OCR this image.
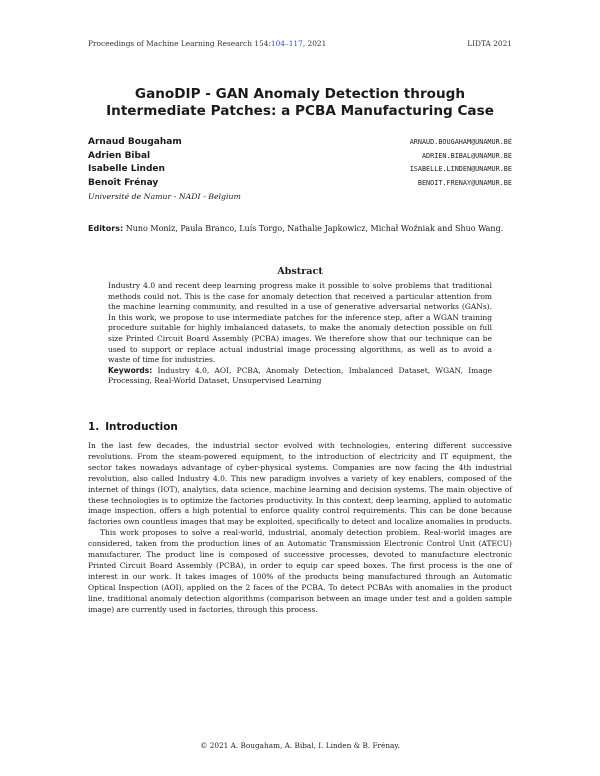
Proceedings of Machine Learning Research 154:104–117, 2021	LIDTA 2021
GanoDIP - GAN Anomaly Detection through
Intermediate Patches: a PCBA Manufacturing Case
Arnaud Bougaham	ARNAUD.BOUGAHAM@UNAMUR.BE
Adrien Bibal	ADRIEN.BIBAL@UNAMUR.BE
Isabelle Linden	ISABELLE.LINDEN@UNAMUR.BE
Benoît Frénay	BENOIT.FRENAY@UNAMUR.BE
Université de Namur - NADI - Belgium
Editors: Nuno Moniz, Paula Branco, Luís Torgo, Nathalie Japkowicz, Michał Woźniak and Shuo Wang.
Abstract

Industry 4.0 and recent deep learning progress make it possible to solve problems that traditional methods could not. This is the case for anomaly detection that received a particular attention from the machine learning community, and resulted in a use of generative adversarial networks (GANs). In this work, we propose to use intermediate patches for the inference step, after a WGAN training procedure suitable for highly imbalanced datasets, to make the anomaly detection possible on full size Printed Circuit Board Assembly (PCBA) images. We therefore show that our technique can be used to support or replace actual industrial image processing algorithms, as well as to avoid a waste of time for industries.

Keywords: Industry 4.0, AOI, PCBA, Anomaly Detection, Imbalanced Dataset, WGAN, Image Processing, Real-World Dataset, Unsupervised Learning

1. Introduction

In the last few decades, the industrial sector evolved with technologies, entering different successive revolutions. From the steam-powered equipment, to the introduction of electricity and IT equipment, the sector takes nowadays advantage of cyber-physical systems. Companies are now facing the 4th industrial revolution, also called Industry 4.0. This new paradigm involves a variety of key enablers, composed of the internet of things (IOT), analytics, data science, machine learning and decision systems. The main objective of these technologies is to optimize the factories productivity. In this context, deep learning, applied to automatic image inspection, offers a high potential to enforce quality control requirements. This can be done because factories own countless images that may be exploited, specifically to detect and localize anomalies in products.

This work proposes to solve a real-world, industrial, anomaly detection problem. Real-world images are considered, taken from the production lines of an Automatic Transmission Electronic Control Unit (ATECU) manufacturer. The product line is composed of successive processes, devoted to manufacture electronic Printed Circuit Board Assembly (PCBA), in order to equip car speed boxes. The first process is the one of interest in our work. It takes images of 100% of the products being manufactured through an Automatic Optical Inspection (AOI), applied on the 2 faces of the PCBA. To detect PCBAs with anomalies in the product line, traditional anomaly detection algorithms (comparison between an image under test and a golden sample image) are currently used in factories, through this process.

© 2021 A. Bougaham, A. Bibal, I. Linden & B. Frénay.
